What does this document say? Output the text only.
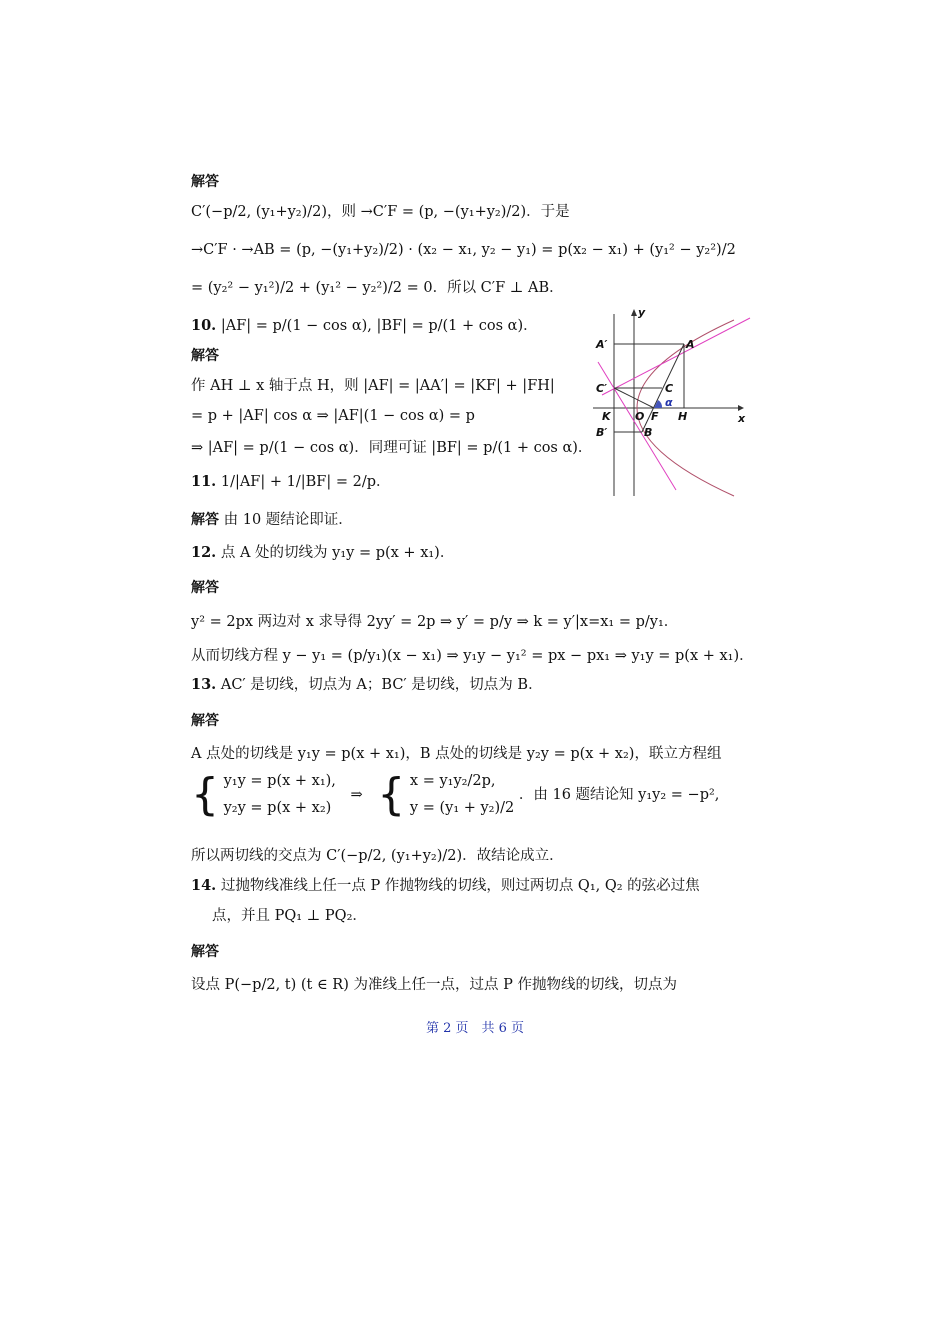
解答
C′(−p/2, (y₁+y₂)/2)，则 →C′F = (p, −(y₁+y₂)/2)．于是
→C′F · →AB = (p, −(y₁+y₂)/2) · (x₂ − x₁, y₂ − y₁) = p(x₂ − x₁) + (y₁² − y₂²)/2
= (y₂² − y₁²)/2 + (y₁² − y₂²)/2 = 0．所以 C′F ⊥ AB．
10. |AF| = p/(1 − cos α), |BF| = p/(1 + cos α)．
解答
作 AH ⊥ x 轴于点 H，则 |AF| = |AA′| = |KF| + |FH|
= p + |AF| cos α ⇒ |AF|(1 − cos α) = p
⇒ |AF| = p/(1 − cos α)．同理可证 |BF| = p/(1 + cos α)．
11. 1/|AF| + 1/|BF| = 2/p．
解答 由 10 题结论即证．
12. 点 A 处的切线为 y₁y = p(x + x₁)．
解答
y² = 2px 两边对 x 求导得 2yy′ = 2p ⇒ y′ = p/y ⇒ k = y′|x=x₁ = p/y₁．
从而切线方程 y − y₁ = (p/y₁)(x − x₁) ⇒ y₁y − y₁² = px − px₁ ⇒ y₁y = p(x + x₁)．
13. AC′ 是切线，切点为 A；BC′ 是切线，切点为 B．
解答
A 点处的切线是 y₁y = p(x + x₁)，B 点处的切线是 y₂y = p(x + x₂)，联立方程组
{ y₁y = p(x + x₁),
y₂y = p(x + x₂)
⇒ { x = y₁y₂/2p,
y = (y₁ + y₂)/2
．由 16 题结论知 y₁y₂ = −p²,
所以两切线的交点为 C′(−p/2, (y₁+y₂)/2)．故结论成立．
14. 过抛物线准线上任一点 P 作抛物线的切线，则过两切点 Q₁, Q₂ 的弦必过焦
点，并且 PQ₁ ⊥ PQ₂．
解答
设点 P(−p/2, t) (t ∈ R) 为准线上任一点，过点 P 作抛物线的切线，切点为
y
x
A′	A
C′	C
K O F H
B′	B
α
第 2 页　共 6 页
